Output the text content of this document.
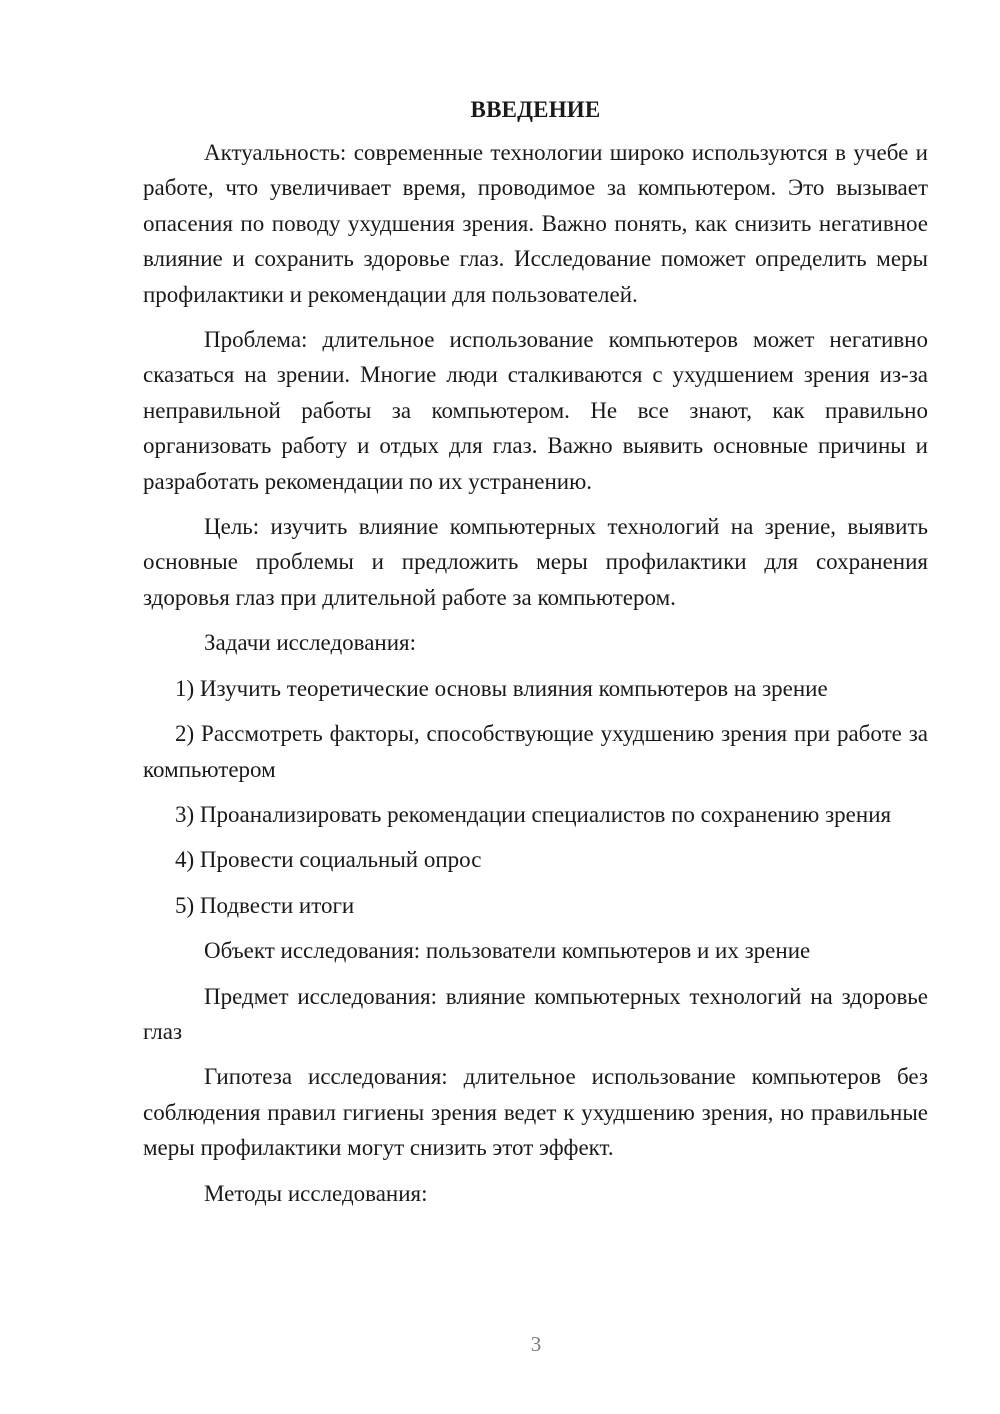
ВВЕДЕНИЕ

Актуальность: современные технологии широко используются в учебе и работе, что увеличивает время, проводимое за компьютером. Это вызывает опасения по поводу ухудшения зрения. Важно понять, как снизить негативное влияние и сохранить здоровье глаз. Исследование поможет определить меры профилактики и рекомендации для пользователей.

Проблема: длительное использование компьютеров может негативно сказаться на зрении. Многие люди сталкиваются с ухудшением зрения из-за неправильной работы за компьютером. Не все знают, как правильно организовать работу и отдых для глаз. Важно выявить основные причины и разработать рекомендации по их устранению.

Цель: изучить влияние компьютерных технологий на зрение, выявить основные проблемы и предложить меры профилактики для сохранения здоровья глаз при длительной работе за компьютером.

Задачи исследования:

1) Изучить теоретические основы влияния компьютеров на зрение

2) Рассмотреть факторы, способствующие ухудшению зрения при работе за компьютером

3) Проанализировать рекомендации специалистов по сохранению зрения

4) Провести социальный опрос

5) Подвести итоги

Объект исследования: пользователи компьютеров и их зрение

Предмет исследования: влияние компьютерных технологий на здоровье глаз

Гипотеза исследования: длительное использование компьютеров без соблюдения правил гигиены зрения ведет к ухудшению зрения, но правильные меры профилактики могут снизить этот эффект.

Методы исследования:

3
